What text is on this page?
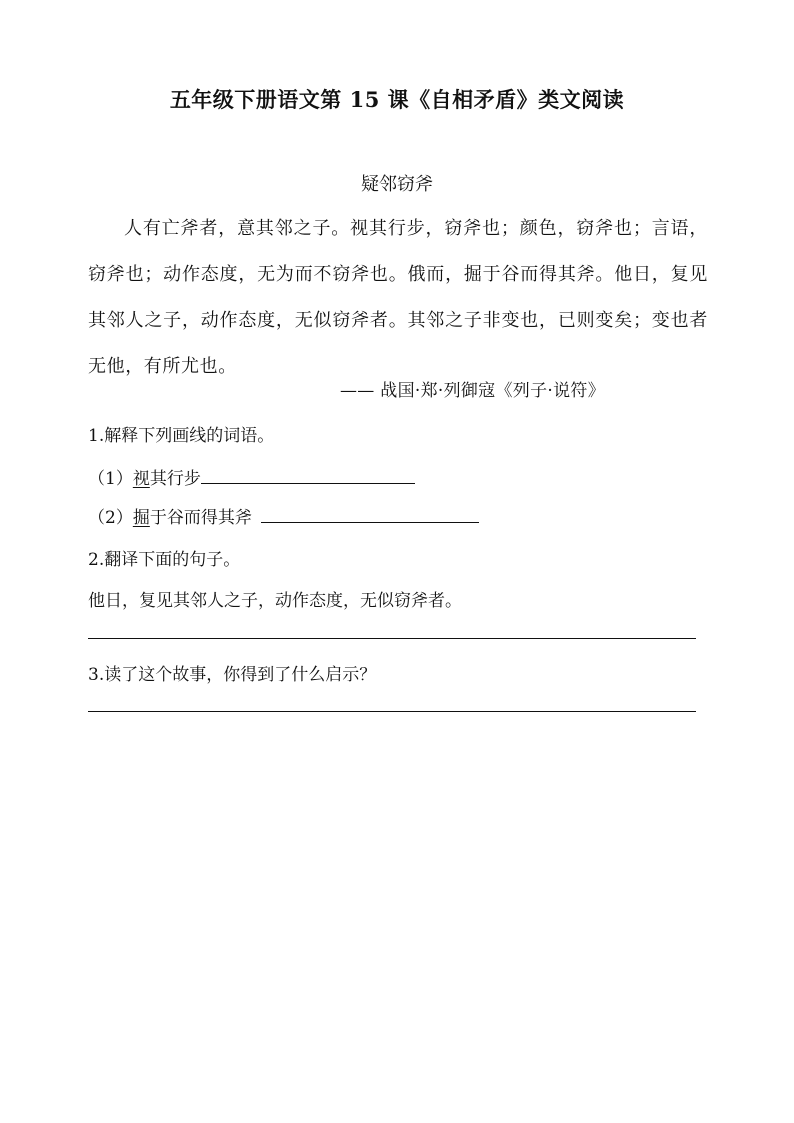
五年级下册语文第 15 课《自相矛盾》类文阅读
疑邻窃斧

人有亡斧者，意其邻之子。视其行步，窃斧也；颜色，窃斧也；言语，窃斧也；动作态度，无为而不窃斧也。俄而，掘于谷而得其斧。他日，复见其邻人之子，动作态度，无似窃斧者。其邻之子非变也，已则变矣；变也者无他，有所尤也。

—— 战国·郑·列御寇《列子·说符》
1.解释下列画线的词语。
（1）视其行步
（2）掘于谷而得其斧
2.翻译下面的句子。
他日，复见其邻人之子，动作态度，无似窃斧者。
3.读了这个故事，你得到了什么启示？
